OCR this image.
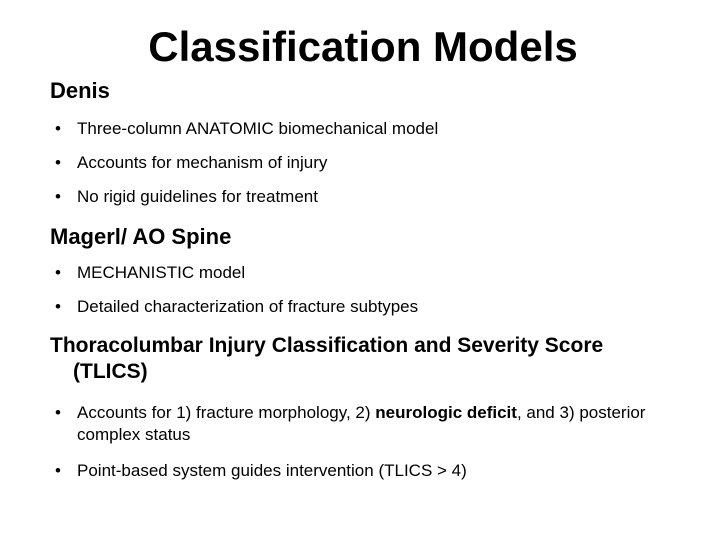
Classification Models
Denis

• Three-column ANATOMIC biomechanical model

• Accounts for mechanism of injury

• No rigid guidelines for treatment

Magerl/ AO Spine

• MECHANISTIC model

• Detailed characterization of fracture subtypes

Thoracolumbar Injury Classification and Severity Score
(TLICS)

• Accounts for 1) fracture morphology, 2) neurologic deficit, and 3) posterior complex status

• Point-based system guides intervention (TLICS > 4)
